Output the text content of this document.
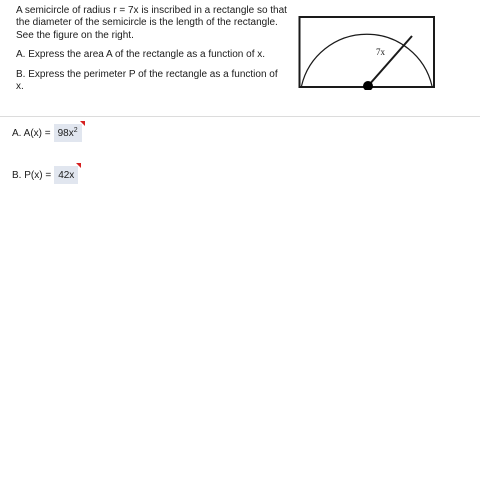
A semicircle of radius r = 7x is inscribed in a rectangle so that the diameter of the semicircle is the length of the rectangle. See the figure on the right.

A. Express the area A of the rectangle as a function of x.

B. Express the perimeter P of the rectangle as a function of x.

7x
A. $A(x) = 98x^2$
B. P(x) = 42x
